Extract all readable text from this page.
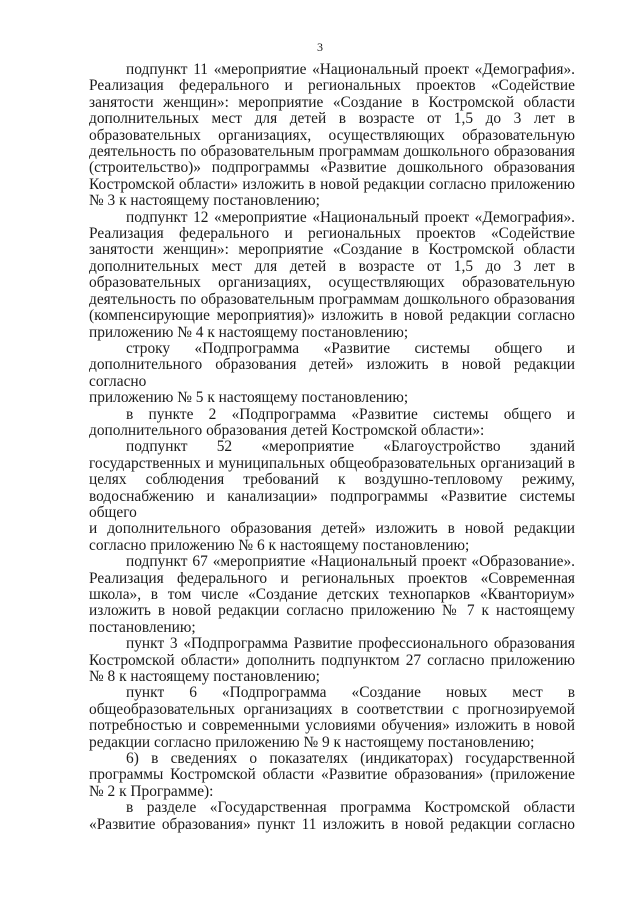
3

подпункт 11 «мероприятие «Национальный проект «Демография».
Реализация федерального и региональных проектов «Содействие
занятости женщин»: мероприятие «Создание в Костромской области
дополнительных мест для детей в возрасте от 1,5 до 3 лет в
образовательных организациях, осуществляющих образовательную
деятельность по образовательным программам дошкольного образования
(строительство)» подпрограммы «Развитие дошкольного образования
Костромской области» изложить в новой редакции согласно приложению
№ 3 к настоящему постановлению;

подпункт 12 «мероприятие «Национальный проект «Демография».
Реализация федерального и региональных проектов «Содействие
занятости женщин»: мероприятие «Создание в Костромской области
дополнительных мест для детей в возрасте от 1,5 до 3 лет в
образовательных организациях, осуществляющих образовательную
деятельность по образовательным программам дошкольного образования
(компенсирующие мероприятия)» изложить в новой редакции согласно
приложению № 4 к настоящему постановлению;

строку «Подпрограмма «Развитие системы общего и
дополнительного образования детей» изложить в новой редакции согласно
приложению № 5 к настоящему постановлению;

в пункте 2 «Подпрограмма «Развитие системы общего и
дополнительного образования детей Костромской области»:

подпункт 52 «мероприятие «Благоустройство зданий
государственных и муниципальных общеобразовательных организаций в
целях соблюдения требований к воздушно-тепловому режиму,
водоснабжению и канализации» подпрограммы «Развитие системы общего
и дополнительного образования детей» изложить в новой редакции
согласно приложению № 6 к настоящему постановлению;

подпункт 67 «мероприятие «Национальный проект «Образование».
Реализация федерального и региональных проектов «Современная
школа», в том числе «Создание детских технопарков «Кванториум»
изложить в новой редакции согласно приложению № 7 к настоящему
постановлению;

пункт 3 «Подпрограмма Развитие профессионального образования
Костромской области» дополнить подпунктом 27 согласно приложению
№ 8 к настоящему постановлению;

пункт 6 «Подпрограмма «Создание новых мест в
общеобразовательных организациях в соответствии с прогнозируемой
потребностью и современными условиями обучения» изложить в новой
редакции согласно приложению № 9 к настоящему постановлению;

6) в сведениях о показателях (индикаторах) государственной
программы Костромской области «Развитие образования» (приложение
№ 2 к Программе):

в разделе «Государственная программа Костромской области
«Развитие образования» пункт 11 изложить в новой редакции согласно
